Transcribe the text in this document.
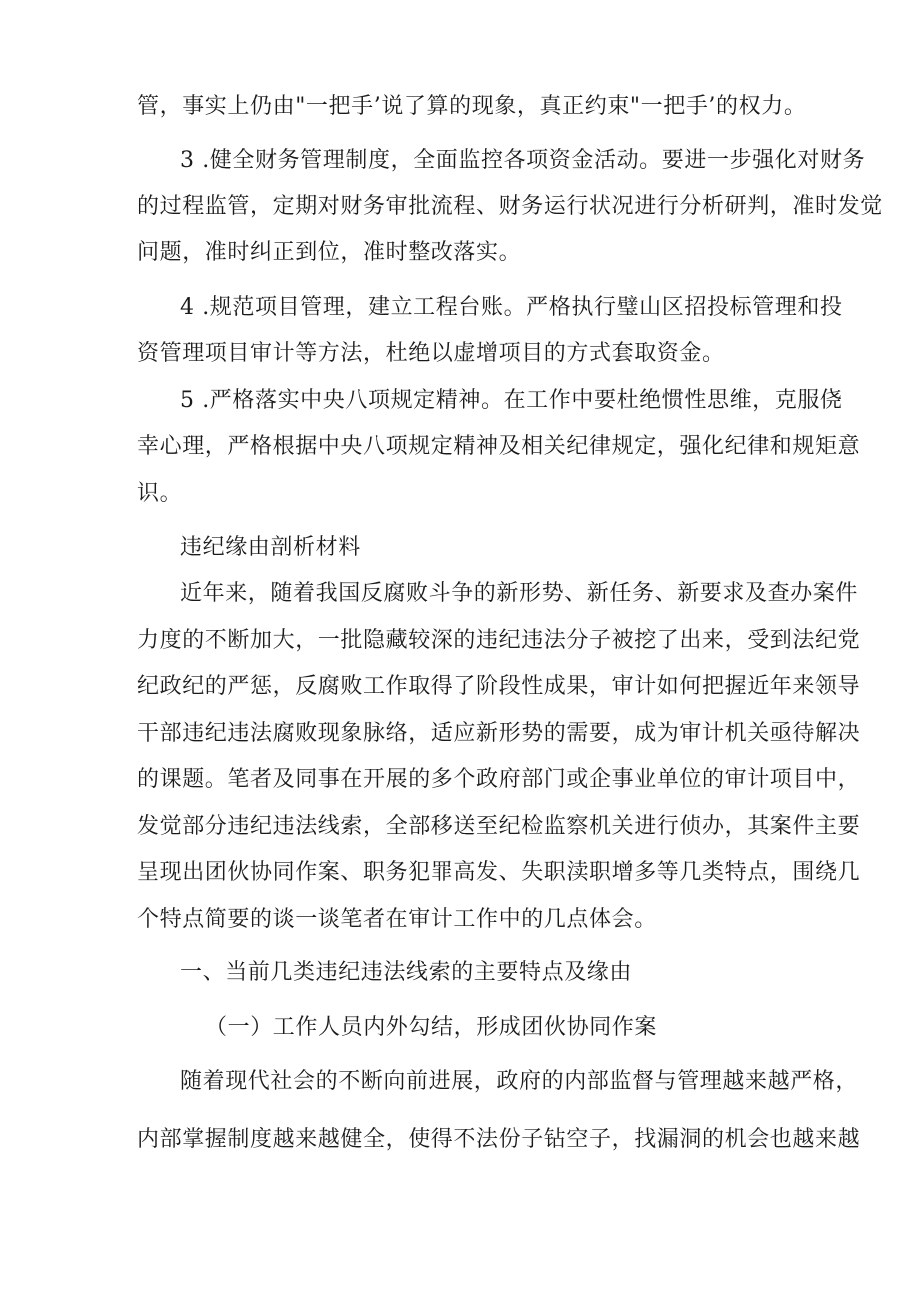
管，事实上仍由"一把手’说了算的现象，真正约束"一把手’的权力。

3 .健全财务管理制度，全面监控各项资金活动。要进一步强化对财务

的过程监管，定期对财务审批流程、财务运行状况进行分析研判，准时发觉

问题，准时纠正到位，准时整改落实。

4 .规范项目管理，建立工程台账。严格执行璧山区招投标管理和投

资管理项目审计等方法，杜绝以虚增项目的方式套取资金。

5 .严格落实中央八项规定精神。在工作中要杜绝惯性思维，克服侥

幸心理，严格根据中央八项规定精神及相关纪律规定，强化纪律和规矩意

识。

违纪缘由剖析材料

近年来，随着我国反腐败斗争的新形势、新任务、新要求及查办案件

力度的不断加大，一批隐藏较深的违纪违法分子被挖了出来，受到法纪党

纪政纪的严惩，反腐败工作取得了阶段性成果，审计如何把握近年来领导

干部违纪违法腐败现象脉络，适应新形势的需要，成为审计机关亟待解决

的课题。笔者及同事在开展的多个政府部门或企事业单位的审计项目中，

发觉部分违纪违法线索，全部移送至纪检监察机关进行侦办，其案件主要

呈现出团伙协同作案、职务犯罪高发、失职渎职增多等几类特点，围绕几

个特点简要的谈一谈笔者在审计工作中的几点体会。

一、当前几类违纪违法线索的主要特点及缘由

（一）工作人员内外勾结，形成团伙协同作案

随着现代社会的不断向前进展，政府的内部监督与管理越来越严格，

内部掌握制度越来越健全，使得不法份子钻空子，找漏洞的机会也越来越
